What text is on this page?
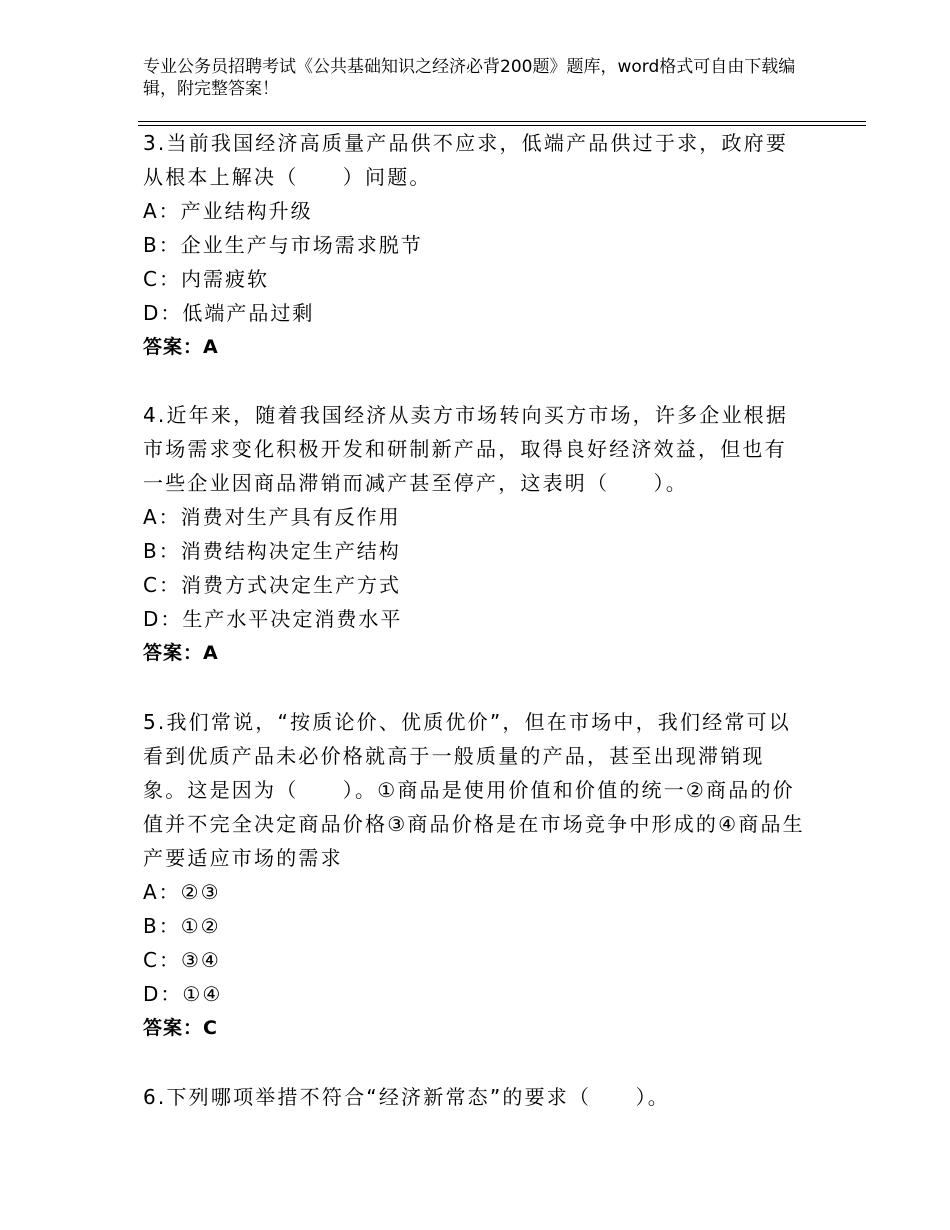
专业公务员招聘考试《公共基础知识之经济必背200题》题库，word格式可自由下载编辑，附完整答案！

3.当前我国经济高质量产品供不应求，低端产品供过于求，政府要从根本上解决（　　）问题。

A：产业结构升级
B：企业生产与市场需求脱节
C：内需疲软
D：低端产品过剩
答案：A

4.近年来，随着我国经济从卖方市场转向买方市场，许多企业根据市场需求变化积极开发和研制新产品，取得良好经济效益，但也有一些企业因商品滞销而减产甚至停产，这表明（　　）。

A：消费对生产具有反作用
B：消费结构决定生产结构
C：消费方式决定生产方式
D：生产水平决定消费水平
答案：A

5.我们常说，“按质论价、优质优价”，但在市场中，我们经常可以看到优质产品未必价格就高于一般质量的产品，甚至出现滞销现象。这是因为（　　）。①商品是使用价值和价值的统一②商品的价值并不完全决定商品价格③商品价格是在市场竞争中形成的④商品生产要适应市场的需求

A：②③
B：①②
C：③④
D：①④
答案：C

6.下列哪项举措不符合“经济新常态”的要求（　　）。
